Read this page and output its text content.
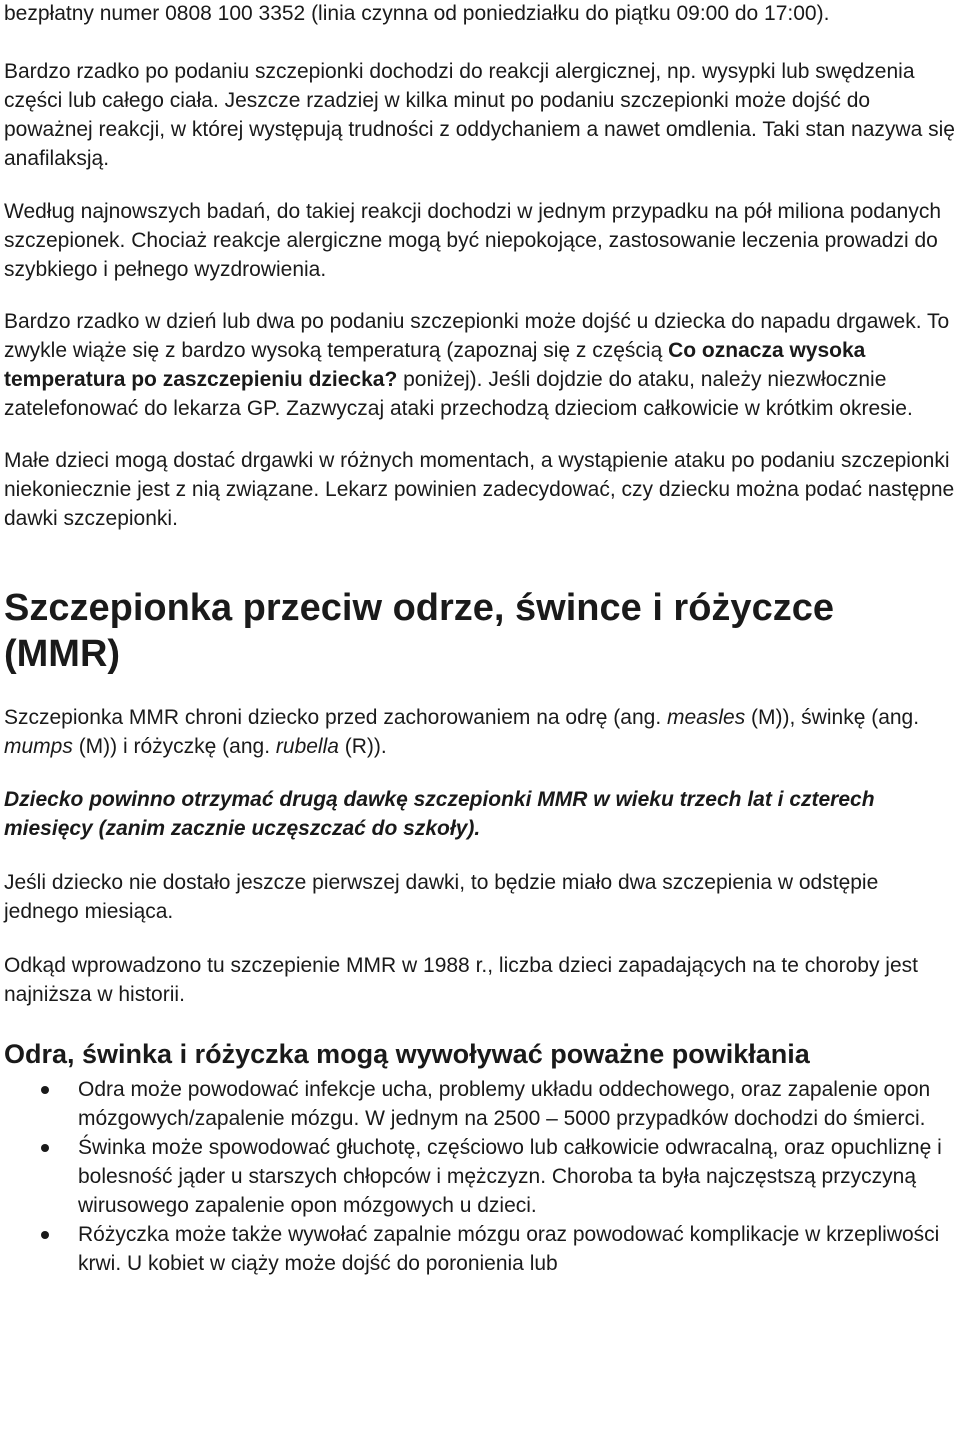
bezpłatny numer 0808 100 3352 (linia czynna od poniedziałku do piątku 09:00 do 17:00).

Bardzo rzadko po podaniu szczepionki dochodzi do reakcji alergicznej, np. wysypki lub swędzenia części lub całego ciała. Jeszcze rzadziej w kilka minut po podaniu szczepionki może dojść do poważnej reakcji, w której występują trudności z oddychaniem a nawet omdlenia. Taki stan nazywa się anafilaksją.

Według najnowszych badań, do takiej reakcji dochodzi w jednym przypadku na pół miliona podanych szczepionek. Chociaż reakcje alergiczne mogą być niepokojące, zastosowanie leczenia prowadzi do szybkiego i pełnego wyzdrowienia.

Bardzo rzadko w dzień lub dwa po podaniu szczepionki może dojść u dziecka do napadu drgawek. To zwykle wiąże się z bardzo wysoką temperaturą (zapoznaj się z częścią Co oznacza wysoka temperatura po zaszczepieniu dziecka? poniżej). Jeśli dojdzie do ataku, należy niezwłocznie zatelefonować do lekarza GP. Zazwyczaj ataki przechodzą dzieciom całkowicie w krótkim okresie.

Małe dzieci mogą dostać drgawki w różnych momentach, a wystąpienie ataku po podaniu szczepionki niekoniecznie jest z nią związane. Lekarz powinien zadecydować, czy dziecku można podać następne dawki szczepionki.

Szczepionka przeciw odrze, śwince i różyczce (MMR)

Szczepionka MMR chroni dziecko przed zachorowaniem na odrę (ang. measles (M)), świnkę (ang. mumps (M)) i różyczkę (ang. rubella (R)).

Dziecko powinno otrzymać drugą dawkę szczepionki MMR w wieku trzech lat i czterech miesięcy (zanim zacznie uczęszczać do szkoły).

Jeśli dziecko nie dostało jeszcze pierwszej dawki, to będzie miało dwa szczepienia w odstępie jednego miesiąca.

Odkąd wprowadzono tu szczepienie MMR w 1988 r., liczba dzieci zapadających na te choroby jest najniższa w historii.

Odra, świnka i różyczka mogą wywoływać poważne powikłania
Odra może powodować infekcje ucha, problemy układu oddechowego, oraz zapalenie opon mózgowych/zapalenie mózgu. W jednym na 2500 – 5000 przypadków dochodzi do śmierci.
Świnka może spowodować głuchotę, częściowo lub całkowicie odwracalną, oraz opuchliznę i bolesność jąder u starszych chłopców i mężczyzn. Choroba ta była najczęstszą przyczyną wirusowego zapalenie opon mózgowych u dzieci.
Różyczka może także wywołać zapalnie mózgu oraz powodować komplikacje w krzepliwości krwi. U kobiet w ciąży może dojść do poronienia lub
